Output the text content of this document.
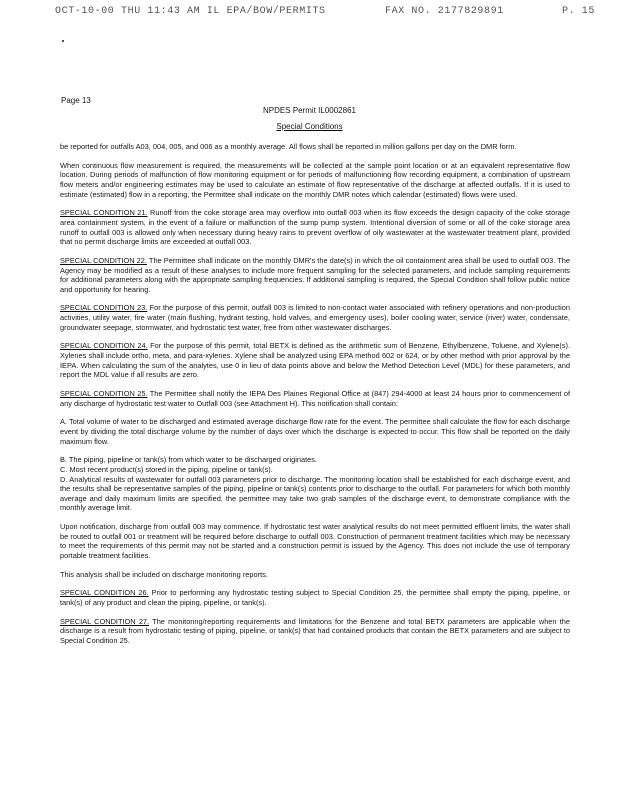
OCT-10-00 THU 11:43 AM IL EPA/BOW/PERMITS	FAX NO. 2177829891	P. 15
Page 13
NPDES Permit IL0002861
Special Conditions

be reported for outfalls A03, 004, 005, and 006 as a monthly average. All flows shall be reported in million gallons per day on the DMR form.

When continuous flow measurement is required, the measurements will be collected at the sample point location or at an equivalent representative flow location. During periods of malfunction of flow monitoring equipment or for periods of malfunctioning flow recording equipment, a combination of upstream flow meters and/or engineering estimates may be used to calculate an estimate of flow representative of the discharge at affected outfalls. If it is used to estimate (estimated) flow in a reporting, the Permittee shall indicate on the monthly DMR notes which calendar (estimated) flows were used.

SPECIAL CONDITION 21. Runoff from the coke storage area may overflow into outfall 003 when its flow exceeds the design capacity of the coke storage area containment system, in the event of a failure or malfunction of the sump pump system. Intentional diversion of some or all of the coke storage area runoff to outfall 003 is allowed only when necessary during heavy rains to prevent overflow of oily wastewater at the wastewater treatment plant, provided that no permit discharge limits are exceeded at outfall 003.

SPECIAL CONDITION 22. The Permittee shall indicate on the monthly DMR's the date(s) in which the oil containment area shall be used to outfall 003. The Agency may be modified as a result of these analyses to include more frequent sampling for the selected parameters, and include sampling requirements for additional parameters along with the appropriate sampling frequencies. If additional sampling is required, the Special Condition shall follow public notice and opportunity for hearing.

SPECIAL CONDITION 23. For the purpose of this permit, outfall 003 is limited to non-contact water associated with refinery operations and non-production activities, utility water, fire water (main flushing, hydrant testing, hold valves, and emergency uses), boiler cooling water, service (river) water, condensate, groundwater seepage, stormwater, and hydrostatic test water, free from other wastewater discharges.

SPECIAL CONDITION 24. For the purpose of this permit, total BETX is defined as the arithmetic sum of Benzene, Ethylbenzene, Toluene, and Xylene(s). Xylenes shall include ortho, meta, and para-xylenes. Xylene shall be analyzed using EPA method 602 or 624, or by other method with prior approval by the IEPA. When calculating the sum of the analytes, use 0 in lieu of data points above and below the Method Detection Level (MDL) for these parameters, and report the MDL value if all results are zero.

SPECIAL CONDITION 25. The Permittee shall notify the IEPA Des Plaines Regional Office at (847) 294-4000 at least 24 hours prior to commencement of any discharge of hydrostatic test water to Outfall 003 (see Attachment H). This notification shall contain:

A. Total volume of water to be discharged and estimated average discharge flow rate for the event. The permittee shall calculate the flow for each discharge event by dividing the total discharge volume by the number of days over which the discharge is expected to occur. This flow shall be reported on the daily maximum flow.

B. The piping, pipeline or tank(s) from which water to be discharged originates.

C. Most recent product(s) stored in the piping, pipeline or tank(s).

D. Analytical results of wastewater for outfall 003 parameters prior to discharge. The monitoring location shall be established for each discharge event, and the results shall be representative samples of the piping, pipeline or tank(s) contents prior to discharge to the outfall. For parameters for which both monthly average and daily maximum limits are specified, the permittee may take two grab samples of the discharge event, to demonstrate compliance with the monthly average limit.

Upon notification, discharge from outfall 003 may commence. If hydrostatic test water analytical results do not meet permitted effluent limits, the water shall be routed to outfall 001 or treatment will be required before discharge to outfall 003. Construction of permanent treatment facilities which may be necessary to meet the requirements of this permit may not be started and a construction permit is issued by the Agency. This does not include the use of temporary portable treatment facilities.

This analysis shall be included on discharge monitoring reports.

SPECIAL CONDITION 26. Prior to performing any hydrostatic testing subject to Special Condition 25, the permittee shall empty the piping, pipeline, or tank(s) of any product and clean the piping, pipeline, or tank(s).

SPECIAL CONDITION 27. The monitoring/reporting requirements and limitations for the Benzene and total BETX parameters are applicable when the discharge is a result from hydrostatic testing of piping, pipeline, or tank(s) that had contained products that contain the BETX parameters and are subject to Special Condition 25.
